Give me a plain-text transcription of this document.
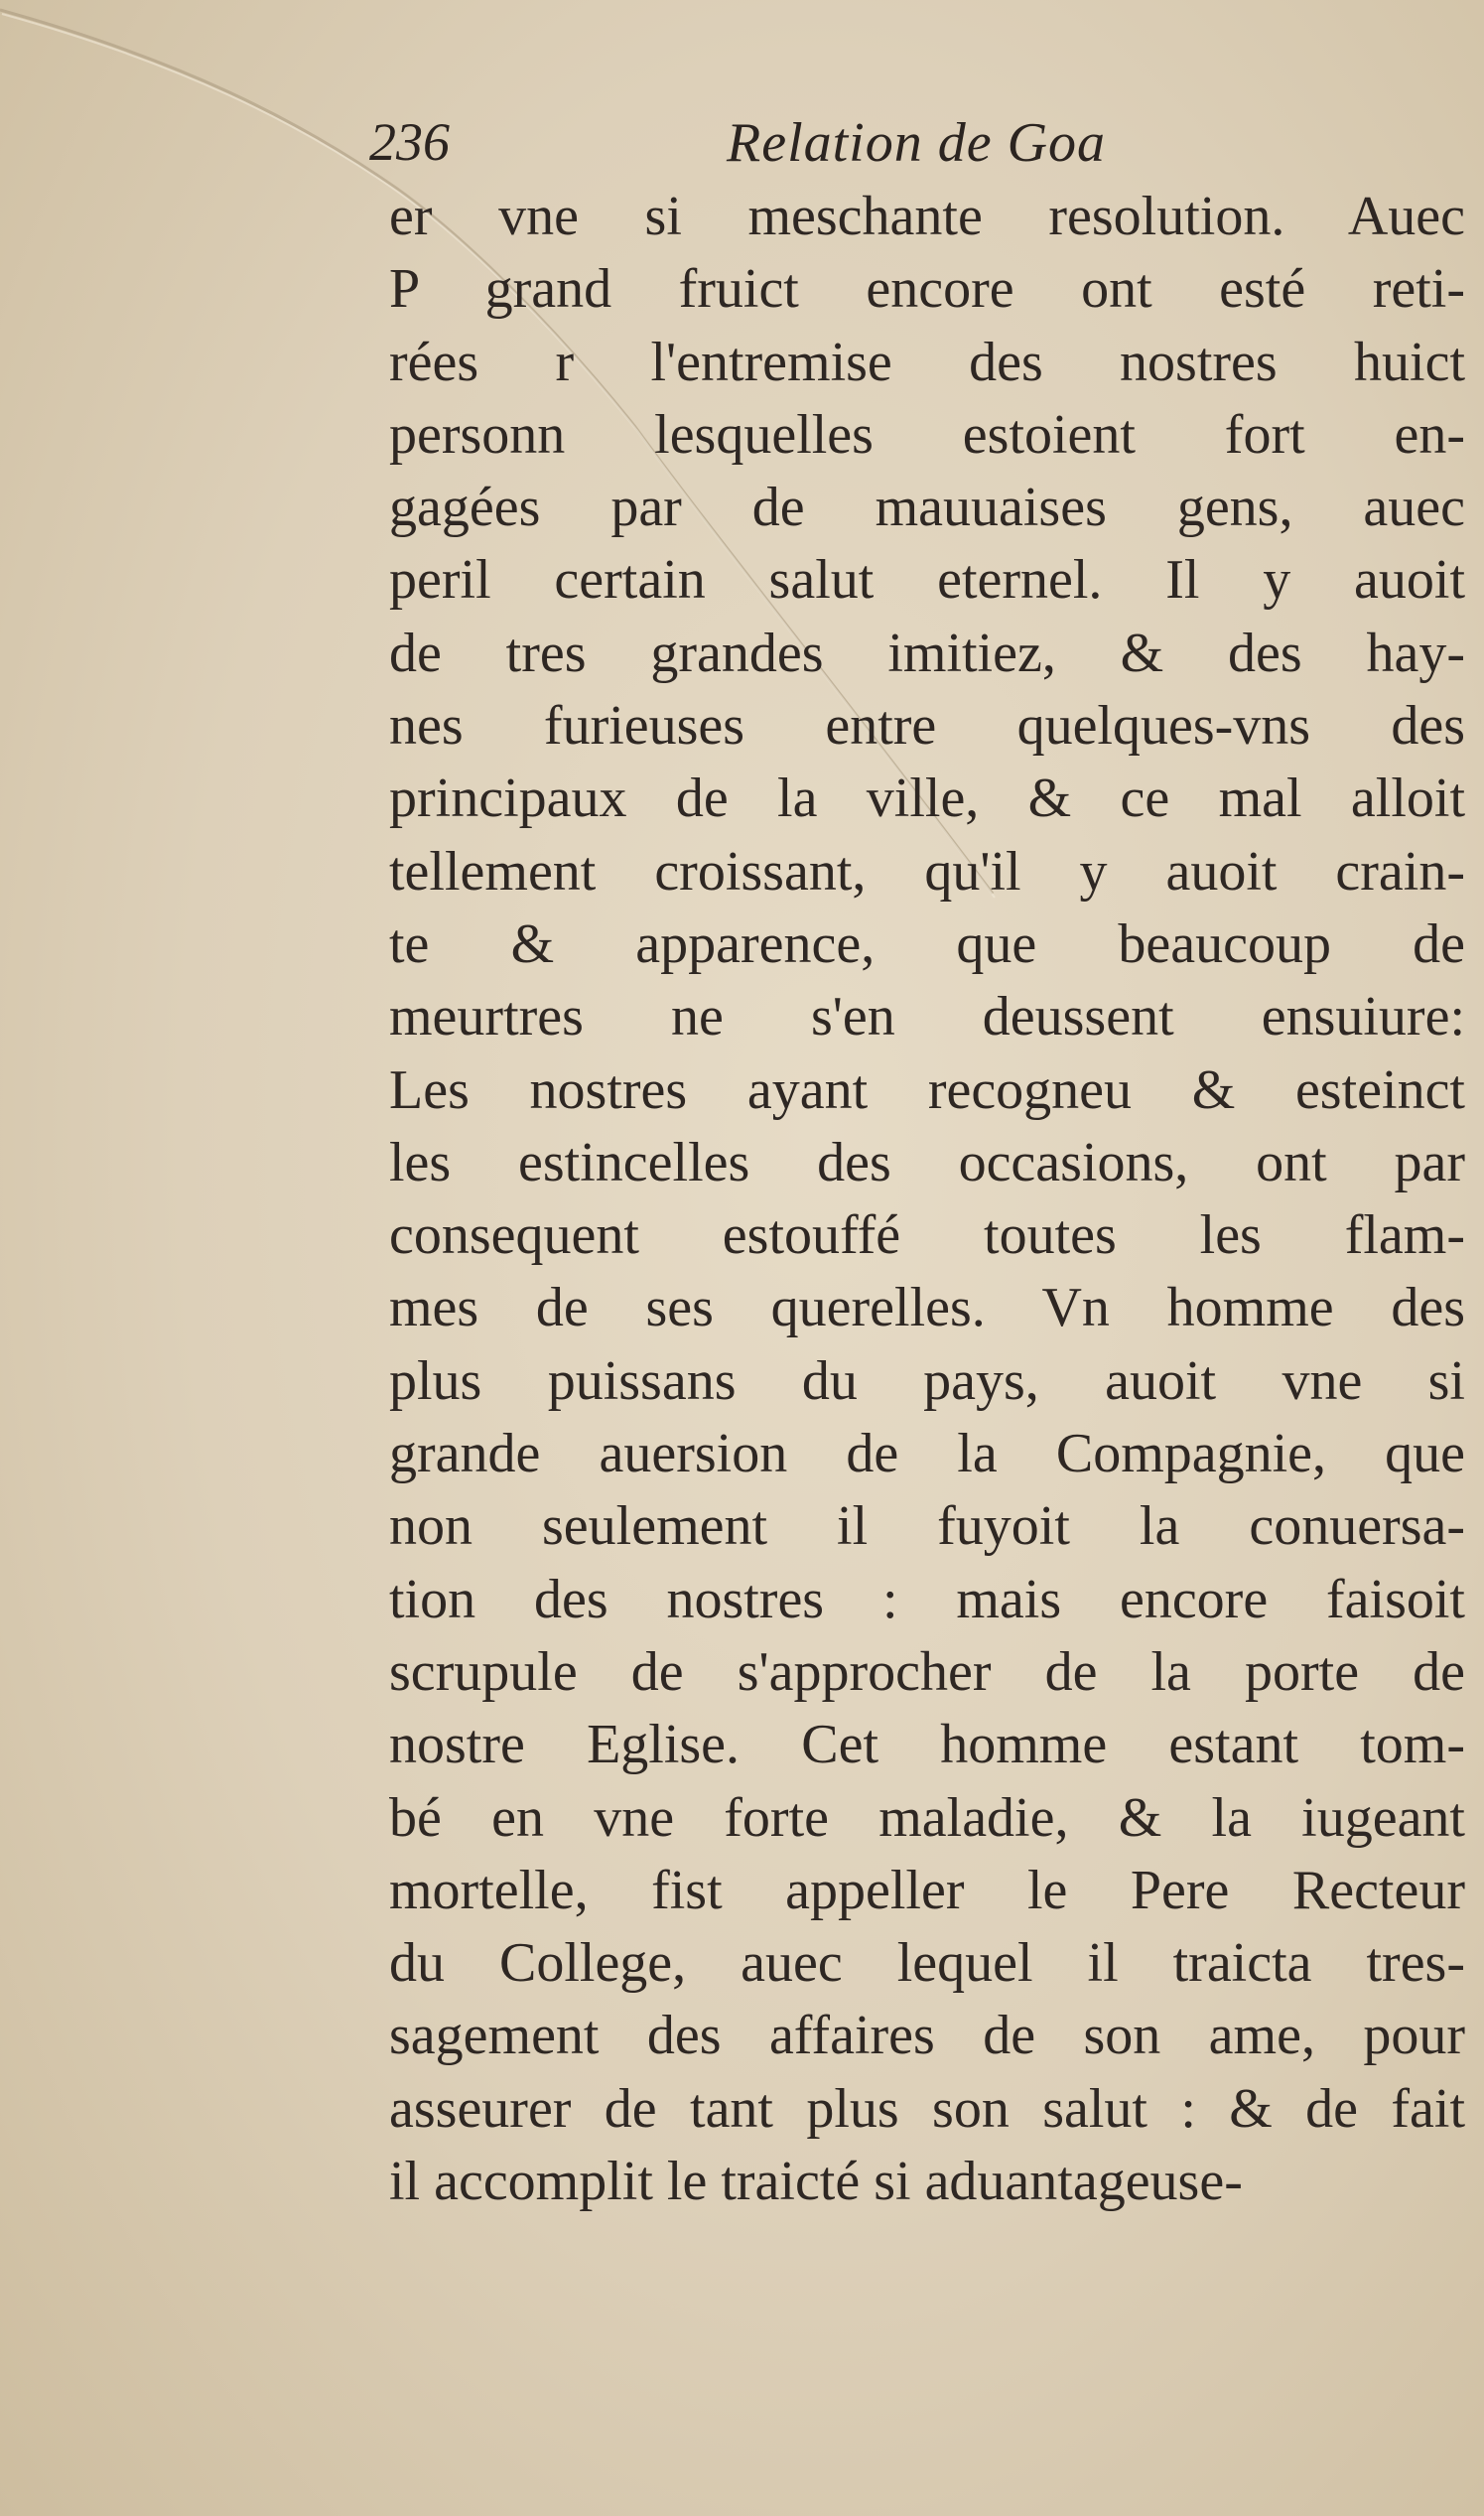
236	Relation de Goa
er vne si meschante resolution. Auec
P grand fruict encore ont esté reti-
rées r l'entremise des nostres huict
personn lesquelles estoient fort en-
gagées par de mauuaises gens, auec
peril certain salut eternel. Il y auoit
de tres grandes imitiez, & des hay-
nes furieuses entre quelques-vns des
principaux de la ville, & ce mal alloit
tellement croissant, qu'il y auoit crain-
te & apparence, que beaucoup de
meurtres ne s'en deussent ensuiure:
Les nostres ayant recogneu & esteinct
les estincelles des occasions, ont par
consequent estouffé toutes les flam-
mes de ses querelles. Vn homme des
plus puissans du pays, auoit vne si
grande auersion de la Compagnie, que
non seulement il fuyoit la conuersa-
tion des nostres : mais encore faisoit
scrupule de s'approcher de la porte de
nostre Eglise. Cet homme estant tom-
bé en vne forte maladie, & la iugeant
mortelle, fist appeller le Pere Recteur
du College, auec lequel il traicta tres-
sagement des affaires de son ame, pour
asseurer de tant plus son salut : & de fait
il accomplit le traicté si aduantageuse-
